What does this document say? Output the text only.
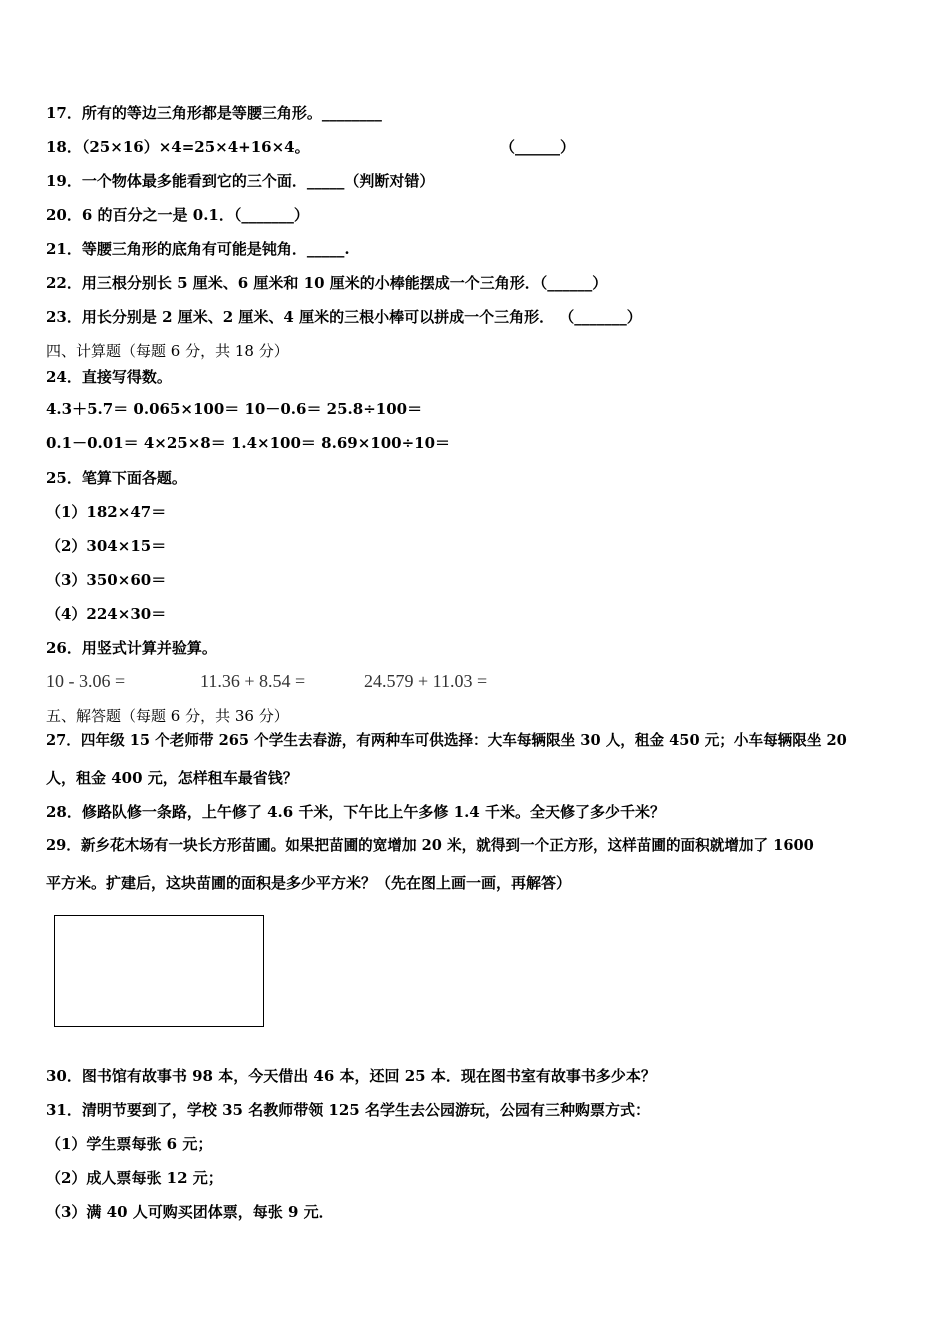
17．所有的等边三角形都是等腰三角形。________
18．（25×16）×4=25×4+16×4。	（______）
19．一个物体最多能看到它的三个面．_____（判断对错）
20．6 的百分之一是 0.1．（_______）
21．等腰三角形的底角有可能是钝角．_____.
22．用三根分别长 5 厘米、6 厘米和 10 厘米的小棒能摆成一个三角形．（______）
23．用长分别是 2 厘米、2 厘米、4 厘米的三根小棒可以拼成一个三角形． （_______）
四、计算题（每题 6 分，共 18 分）
24．直接写得数。
4.3＋5.7＝ 0.065×100＝ 10－0.6＝ 25.8÷100＝
0.1－0.01＝ 4×25×8＝ 1.4×100＝ 8.69×100÷10＝
25．笔算下面各题。
（1）182×47＝
（2）304×15＝
（3）350×60＝
（4）224×30＝
26．用竖式计算并验算。
10 - 3.06 =	11.36 + 8.54 =	24.579 + 11.03 =
五、解答题（每题 6 分，共 36 分）
27．四年级 15 个老师带 265 个学生去春游，有两种车可供选择：大车每辆限坐 30 人，租金 450 元；小车每辆限坐 20
人，租金 400 元，怎样租车最省钱？
28．修路队修一条路，上午修了 4.6 千米，下午比上午多修 1.4 千米。全天修了多少千米？
29．新乡花木场有一块长方形苗圃。如果把苗圃的宽增加 20 米，就得到一个正方形，这样苗圃的面积就增加了 1600
平方米。扩建后，这块苗圃的面积是多少平方米？（先在图上画一画，再解答）
30．图书馆有故事书 98 本，今天借出 46 本，还回 25 本．现在图书室有故事书多少本？
31．清明节要到了，学校 35 名教师带领 125 名学生去公园游玩，公园有三种购票方式：
（1）学生票每张 6 元；
（2）成人票每张 12 元；
（3）满 40 人可购买团体票，每张 9 元．
